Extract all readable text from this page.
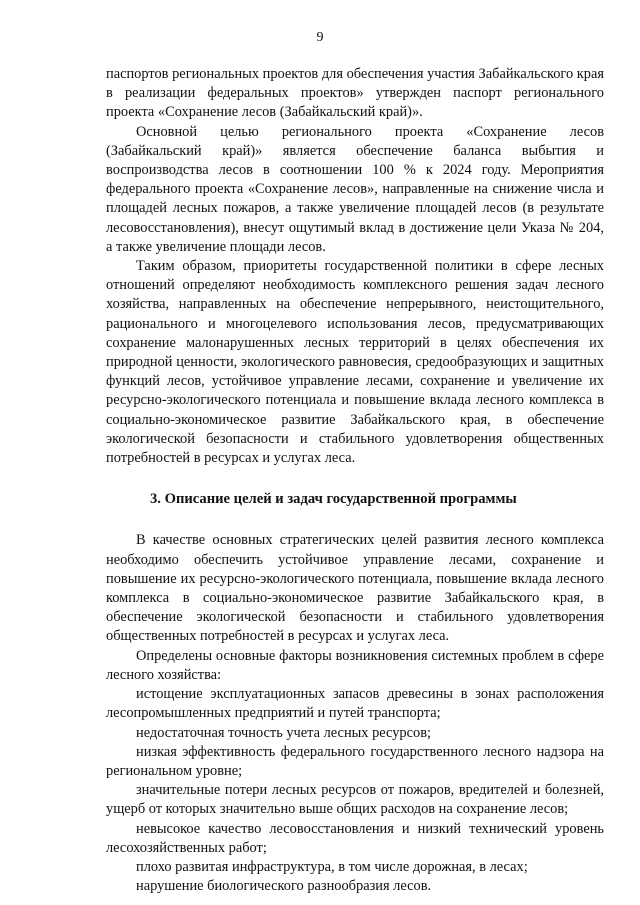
9

паспортов региональных проектов для обеспечения участия Забайкальского края в реализации федеральных проектов» утвержден паспорт регионального проекта «Сохранение лесов (Забайкальский край)».

Основной целью регионального проекта «Сохранение лесов (Забайкальский край)» является обеспечение баланса выбытия и воспроизводства лесов в соотношении 100 % к 2024 году. Мероприятия федерального проекта «Сохранение лесов», направленные на снижение числа и площадей лесных пожаров, а также увеличение площадей лесов (в результате лесовосстановления), внесут ощутимый вклад в достижение цели Указа № 204, а также увеличение площади лесов.

Таким образом, приоритеты государственной политики в сфере лесных отношений определяют необходимость комплексного решения задач лесного хозяйства, направленных на обеспечение непрерывного, неистощительного, рационального и многоцелевого использования лесов, предусматривающих сохранение малонарушенных лесных территорий в целях обеспечения их природной ценности, экологического равновесия, средообразующих и защитных функций лесов, устойчивое управление лесами, сохранение и увеличение их ресурсно-экологического потенциала и повышение вклада лесного комплекса в социально-экономическое развитие Забайкальского края, в обеспечение экологической безопасности и стабильного удовлетворения общественных потребностей в ресурсах и услугах леса.

3. Описание целей и задач государственной программы

В качестве основных стратегических целей развития лесного комплекса необходимо обеспечить устойчивое управление лесами, сохранение и повышение их ресурсно-экологического потенциала, повышение вклада лесного комплекса в социально-экономическое развитие Забайкальского края, в обеспечение экологической безопасности и стабильного удовлетворения общественных потребностей в ресурсах и услугах леса.

Определены основные факторы возникновения системных проблем в сфере лесного хозяйства:

истощение эксплуатационных запасов древесины в зонах расположения лесопромышленных предприятий и путей транспорта;

недостаточная точность учета лесных ресурсов;

низкая эффективность федерального государственного лесного надзора на региональном уровне;

значительные потери лесных ресурсов от пожаров, вредителей и болезней, ущерб от которых значительно выше общих расходов на сохранение лесов;

невысокое качество лесовосстановления и низкий технический уровень лесохозяйственных работ;

плохо развитая инфраструктура, в том числе дорожная, в лесах;

нарушение биологического разнообразия лесов.
